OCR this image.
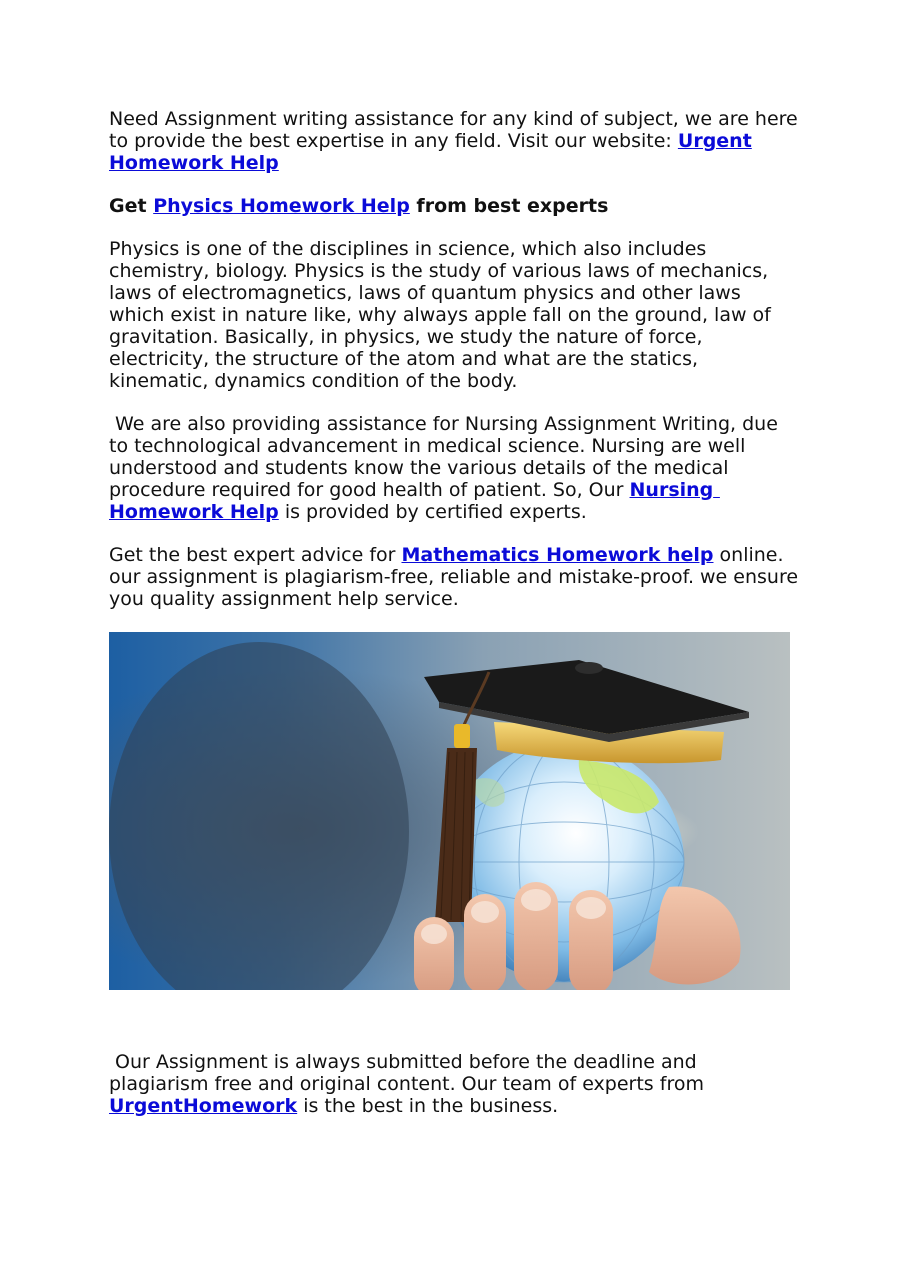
Need Assignment writing assistance for any kind of subject, we are here to provide the best expertise in any field. Visit our website: Urgent Homework Help

Get Physics Homework Help from best experts

Physics is one of the disciplines in science, which also includes chemistry, biology. Physics is the study of various laws of mechanics, laws of electromagnetics, laws of quantum physics and other laws which exist in nature like, why always apple fall on the ground, law of gravitation. Basically, in physics, we study the nature of force, electricity, the structure of the atom and what are the statics, kinematic, dynamics condition of the body.

We are also providing assistance for Nursing Assignment Writing, due to technological advancement in medical science. Nursing are well understood and students know the various details of the medical procedure required for good health of patient. So, Our Nursing Homework Help is provided by certified experts.

Get the best expert advice for Mathematics Homework help online. our assignment is plagiarism-free, reliable and mistake-proof. we ensure you quality assignment help service.

Our Assignment is always submitted before the deadline and plagiarism free and original content. Our team of experts from UrgentHomework is the best in the business.
